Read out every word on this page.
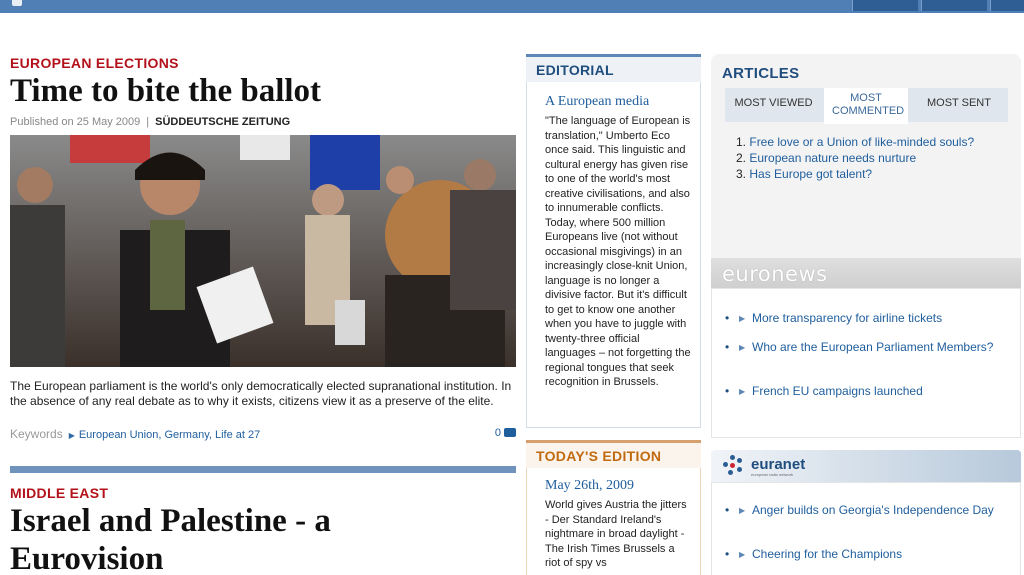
EUROPEAN ELECTIONS
Time to bite the ballot
Published on 25 May 2009 | SÜDDEUTSCHE ZEITUNG
The European parliament is the world's only democratically elected supranational institution. In the absence of any real debate as to why it exists, citizens view it as a preserve of the elite.
Keywords ▶ European Union, Germany, Life at 27	0
MIDDLE EAST
Israel and Palestine - a Eurovision
EDITORIAL
A European media
"The language of European is translation," Umberto Eco once said. This linguistic and cultural energy has given rise to one of the world's most creative civilisations, and also to innumerable conflicts. Today, where 500 million Europeans live (not without occasional misgivings) in an increasingly close-knit Union, language is no longer a divisive factor. But it's difficult to get to know one another when you have to juggle with twenty-three official languages – not forgetting the regional tongues that seek recognition in Brussels.
TODAY'S EDITION
May 26th, 2009
World gives Austria the jitters - Der Standard Ireland's nightmare in broad daylight - The Irish Times Brussels a riot of spy vs
ARTICLES
MOST VIEWED	MOST COMMENTED
MOST SENT
1. Free love or a Union of like-minded souls?
2. European nature needs nurture
3. Has Europe got talent?
euronews
• ▶ More transparency for airline tickets
• ▶ Who are the European Parliament Members?
• ▶ French EU campaigns launched
euranet
european radio network
• ▶ Anger builds on Georgia's Independence Day
• ▶ Cheering for the Champions
